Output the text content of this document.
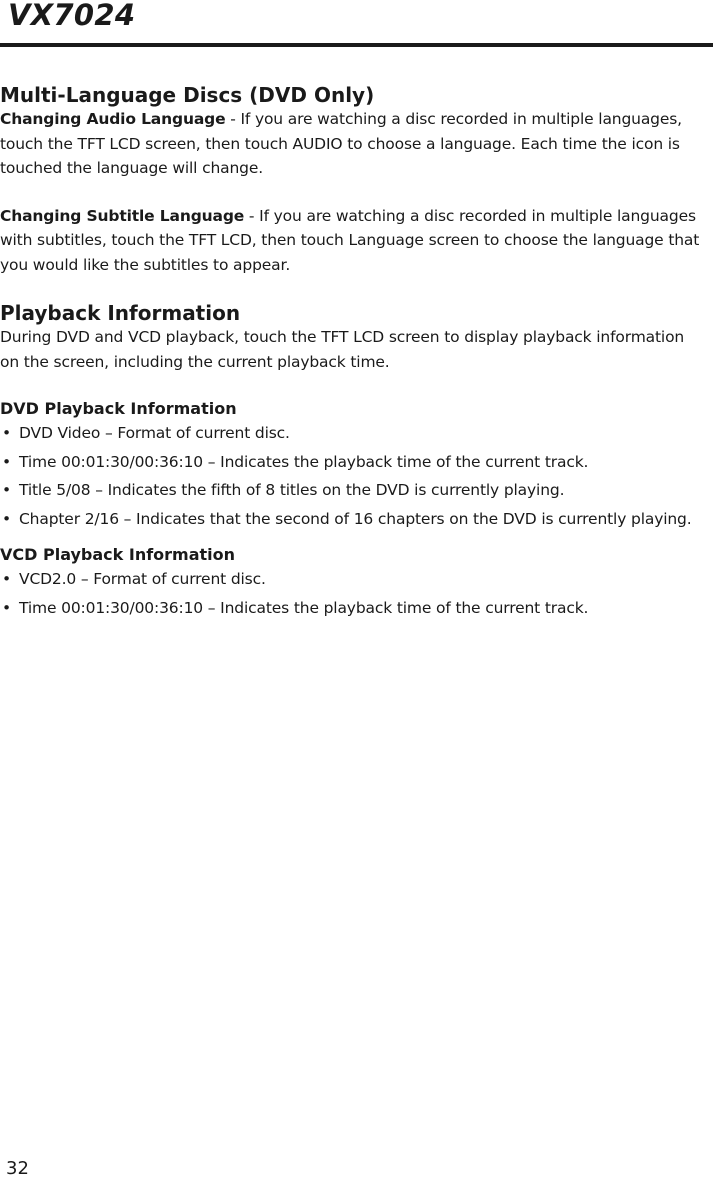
VX7024
Multi-Language Discs (DVD Only)

Changing Audio Language - If you are watching a disc recorded in multiple languages, touch the TFT LCD screen, then touch AUDIO to choose a language. Each time the icon is touched the language will change.

Changing Subtitle Language - If you are watching a disc recorded in multiple languages with subtitles, touch the TFT LCD, then touch Language screen to choose the language that you would like the subtitles to appear.

Playback Information

During DVD and VCD playback, touch the TFT LCD screen to display playback information on the screen, including the current playback time.

DVD Playback Information
• DVD Video – Format of current disc.
• Time 00:01:30/00:36:10 – Indicates the playback time of the current track.
• Title 5/08 – Indicates the fifth of 8 titles on the DVD is currently playing.
• Chapter 2/16 – Indicates that the second of 16 chapters on the DVD is currently playing.
VCD Playback Information
• VCD2.0 – Format of current disc.
• Time 00:01:30/00:36:10 – Indicates the playback time of the current track.
32
